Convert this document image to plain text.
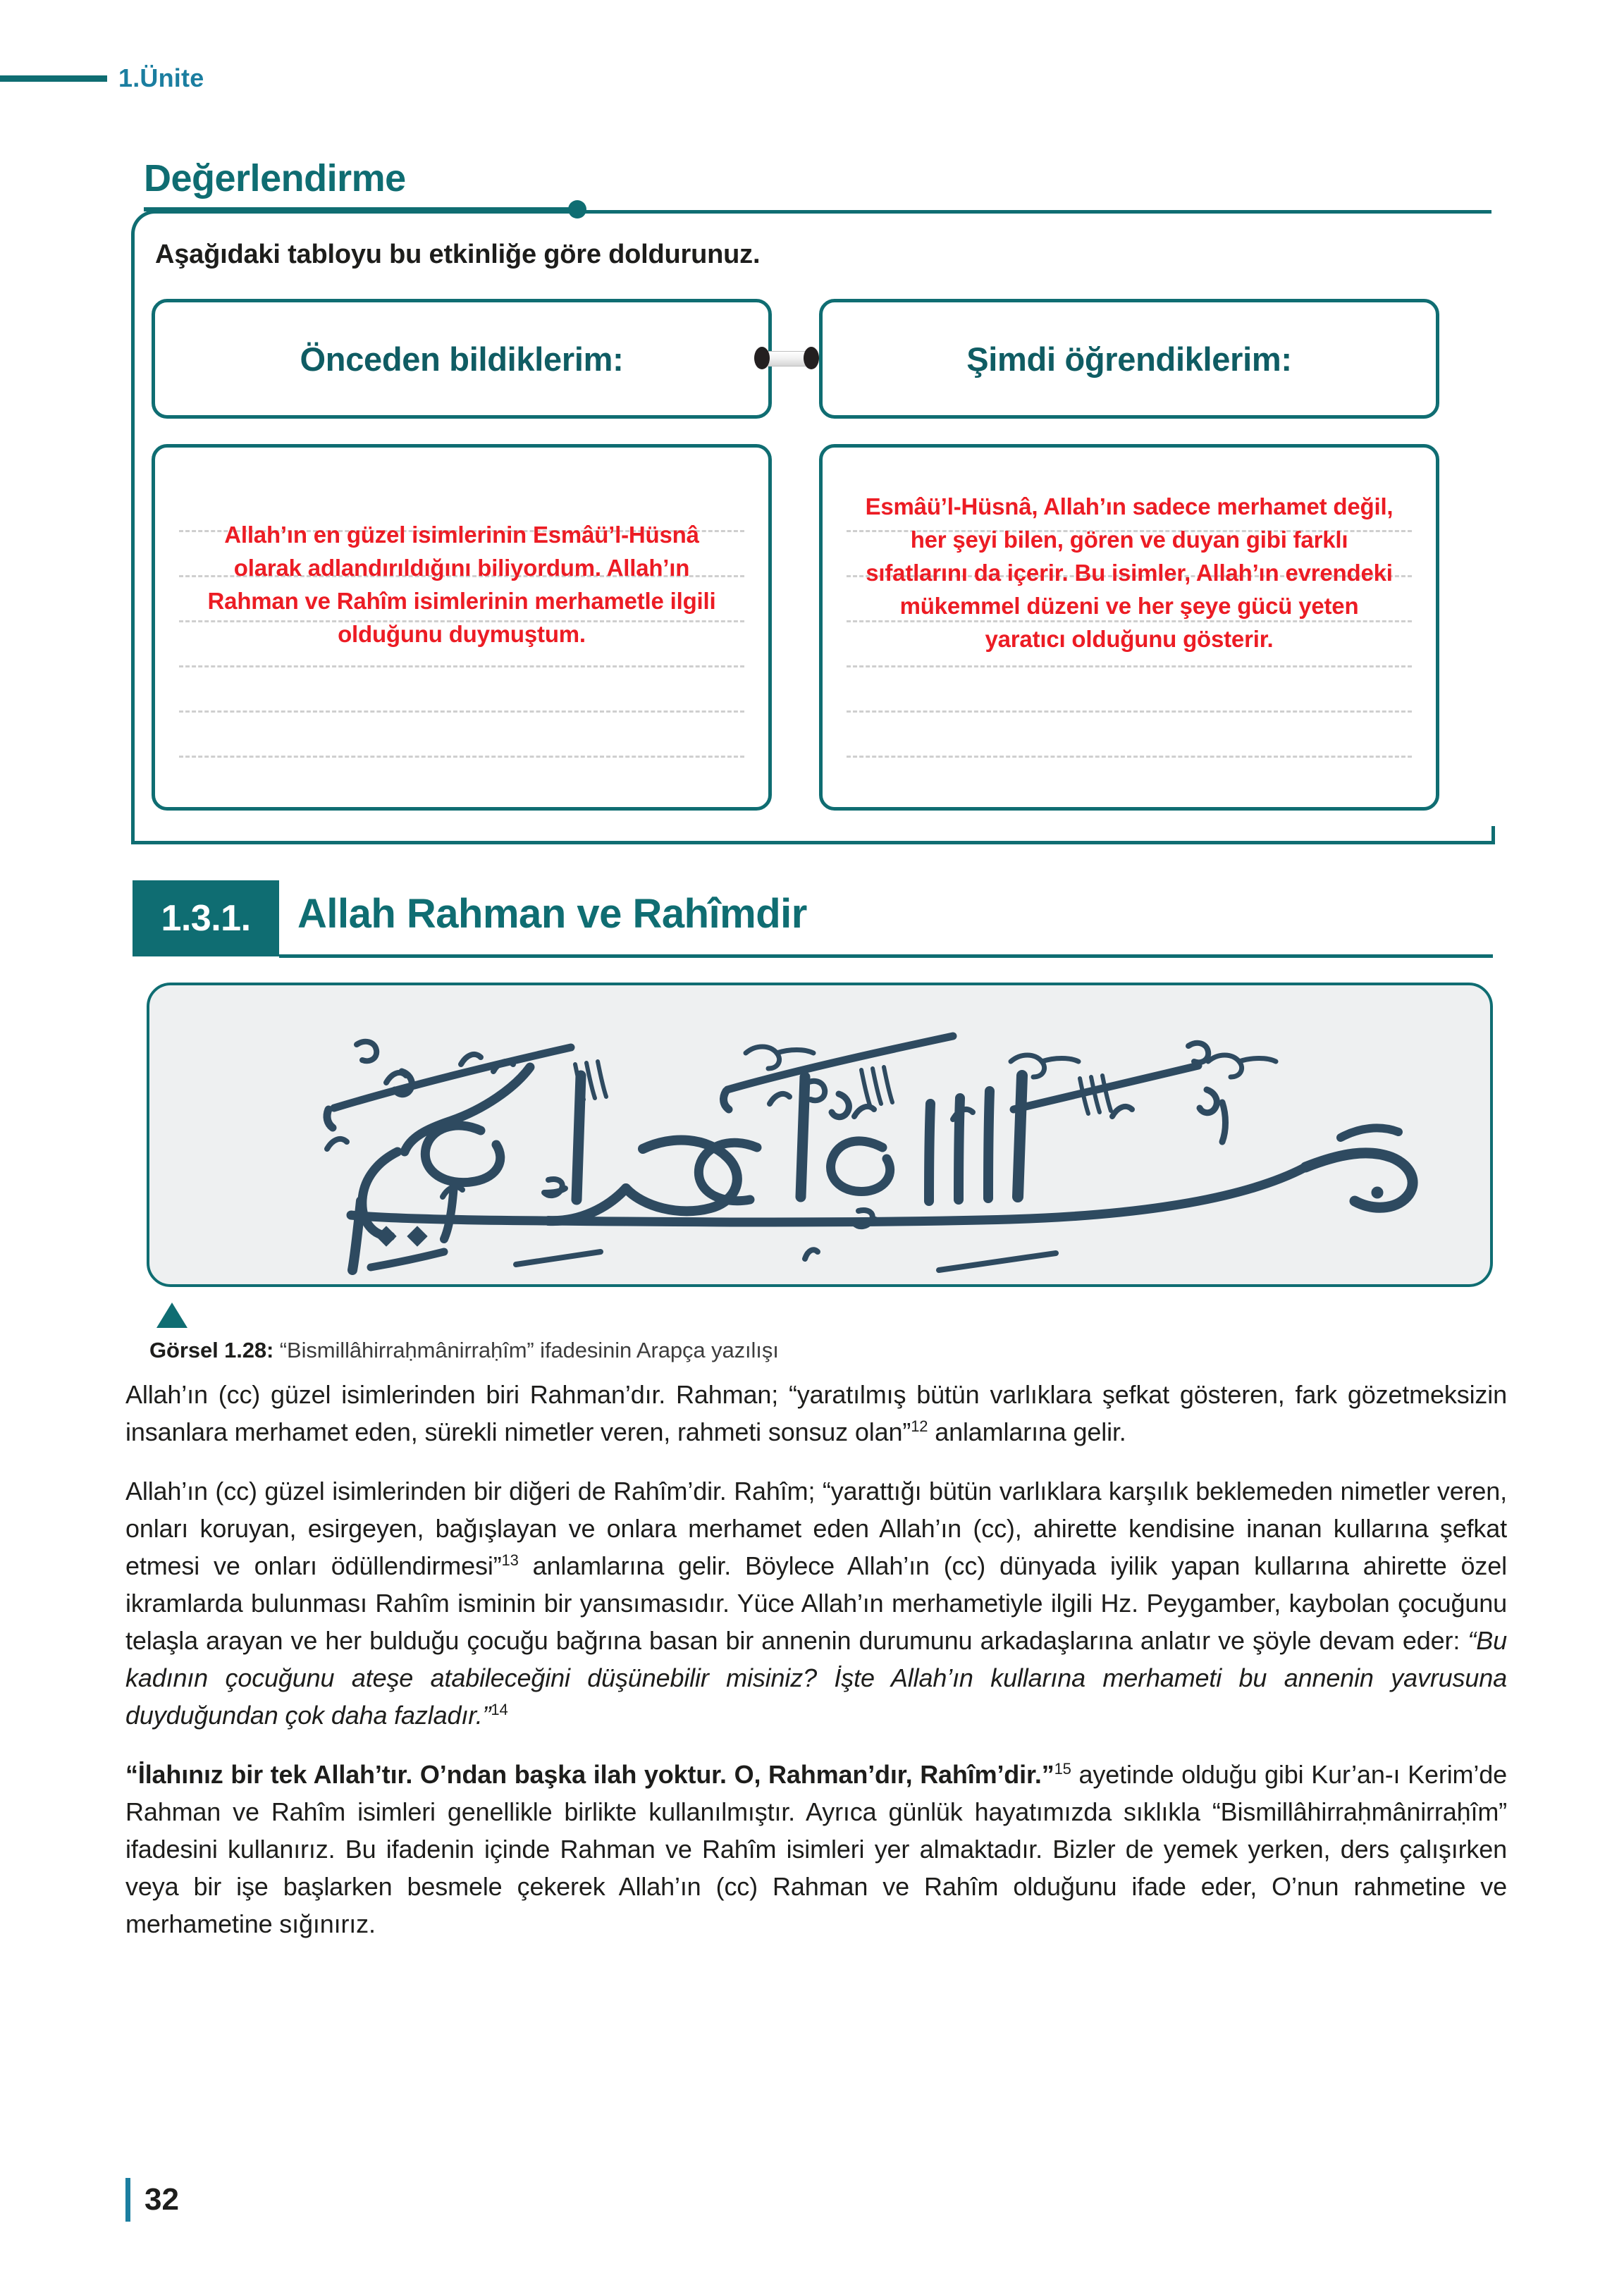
1.Ünite
Değerlendirme
Aşağıdaki tabloyu bu etkinliğe göre doldurunuz.
Önceden bildiklerim:	Şimdi öğrendiklerim:
Allah’ın en güzel isimlerinin Esmâü’l-Hüsnâ olarak adlandırıldığını biliyordum. Allah’ın Rahman ve Rahîm isimlerinin merhametle ilgili olduğunu duymuştum.
Esmâü’l-Hüsnâ, Allah’ın sadece merhamet değil, her şeyi bilen, gören ve duyan gibi farklı sıfatlarını da içerir. Bu isimler, Allah’ın evrendeki mükemmel düzeni ve her şeye gücü yeten yaratıcı olduğunu gösterir.
1.3.1.	Allah Rahman ve Rahîmdir
Görsel 1.28: “Bismillâhirraḥmânirraḥîm” ifadesinin Arapça yazılışı

Allah’ın (cc) güzel isimlerinden biri Rahman’dır. Rahman; “yaratılmış bütün varlıklara şefkat gösteren, fark gözetmeksizin insanlara merhamet eden, sürekli nimetler veren, rahmeti sonsuz olan”$^{12}$ anlamlarına gelir.

Allah’ın (cc) güzel isimlerinden bir diğeri de Rahîm’dir. Rahîm; “yarattığı bütün varlıklara karşılık beklemeden nimetler veren, onları koruyan, esirgeyen, bağışlayan ve onlara merhamet eden Allah’ın (cc), ahirette kendisine inanan kullarına şefkat etmesi ve onları ödüllendirmesi”$^{13}$ anlamlarına gelir. Böylece Allah’ın (cc) dünyada iyilik yapan kullarına ahirette özel ikramlarda bulunması Rahîm isminin bir yansımasıdır. Yüce Allah’ın merhametiyle ilgili Hz. Peygamber, kaybolan çocuğunu telaşla arayan ve her bulduğu çocuğu bağrına basan bir annenin durumunu arkadaşlarına anlatır ve şöyle devam eder: “Bu kadının çocuğunu ateşe atabileceğini düşünebilir misiniz? İşte Allah’ın kullarına merhameti bu annenin yavrusuna duyduğundan çok daha fazladır.”$^{14}$

“İlahınız bir tek Allah’tır. O’ndan başka ilah yoktur. O, Rahman’dır, Rahîm’dir.”$^{15}$ ayetinde olduğu gibi Kur’an-ı Kerim’de Rahman ve Rahîm isimleri genellikle birlikte kullanılmıştır. Ayrıca günlük hayatımızda sıklıkla “Bismillâhirraḥmânirraḥîm” ifadesini kullanırız. Bu ifadenin içinde Rahman ve Rahîm isimleri yer almaktadır. Bizler de yemek yerken, ders çalışırken veya bir işe başlarken besmele çekerek Allah’ın (cc) Rahman ve Rahîm olduğunu ifade eder, O’nun rahmetine ve merhametine sığınırız.

32
